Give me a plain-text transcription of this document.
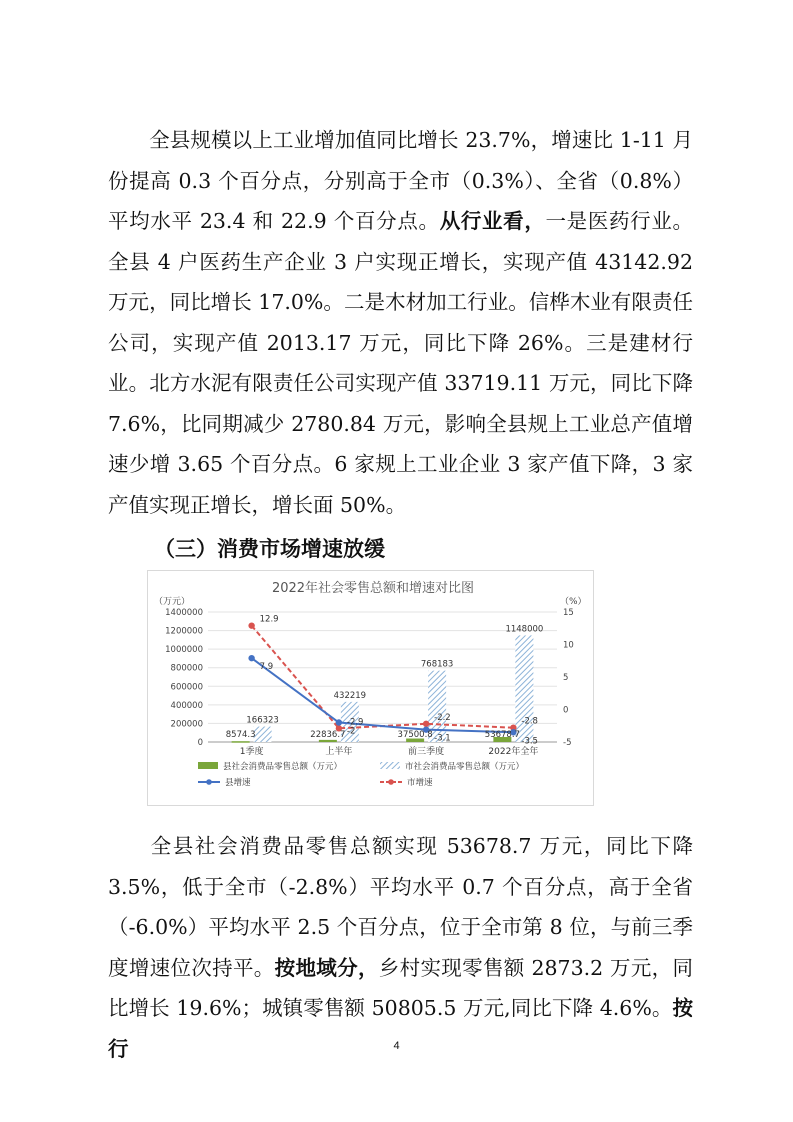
全县规模以上工业增加值同比增长 23.7%，增速比 1-11 月份提高 0.3 个百分点，分别高于全市（0.3%）、全省（0.8%）平均水平 23.4 和 22.9 个百分点。从行业看，一是医药行业。全县 4 户医药生产企业 3 户实现正增长，实现产值 43142.92 万元，同比增长 17.0%。二是木材加工行业。信桦木业有限责任公司，实现产值 2013.17 万元，同比下降 26%。三是建材行业。北方水泥有限责任公司实现产值 33719.11 万元，同比下降 7.6%，比同期减少 2780.84 万元，影响全县规上工业总产值增速少增 3.65 个百分点。6 家规上工业企业 3 家产值下降，3 家产值实现正增长，增长面 50%。

（三）消费市场增速放缓
2022年社会零售总额和增速对比图
（万元）	（%）
0
200000
400000
600000
800000
1000000
1200000
1400000
-5
0
5
10
15
1季度	上半年	前三季度	2022年全年
8574.3	22836.7	37500.8	53678.7
166323
432219
768183
1148000
12.9
-2.9	-2.2	-2.8
7.9
-2
-3.1	-3.5
县社会消费品零售总额（万元）	市社会消费品零售总额（万元）
县增速	市增速

全县社会消费品零售总额实现 53678.7 万元，同比下降 3.5%，低于全市（-2.8%）平均水平 0.7 个百分点，高于全省（-6.0%）平均水平 2.5 个百分点，位于全市第 8 位，与前三季度增速位次持平。按地域分，乡村实现零售额 2873.2 万元，同比增长 19.6%；城镇零售额 50805.5 万元,同比下降 4.6%。按行	4
